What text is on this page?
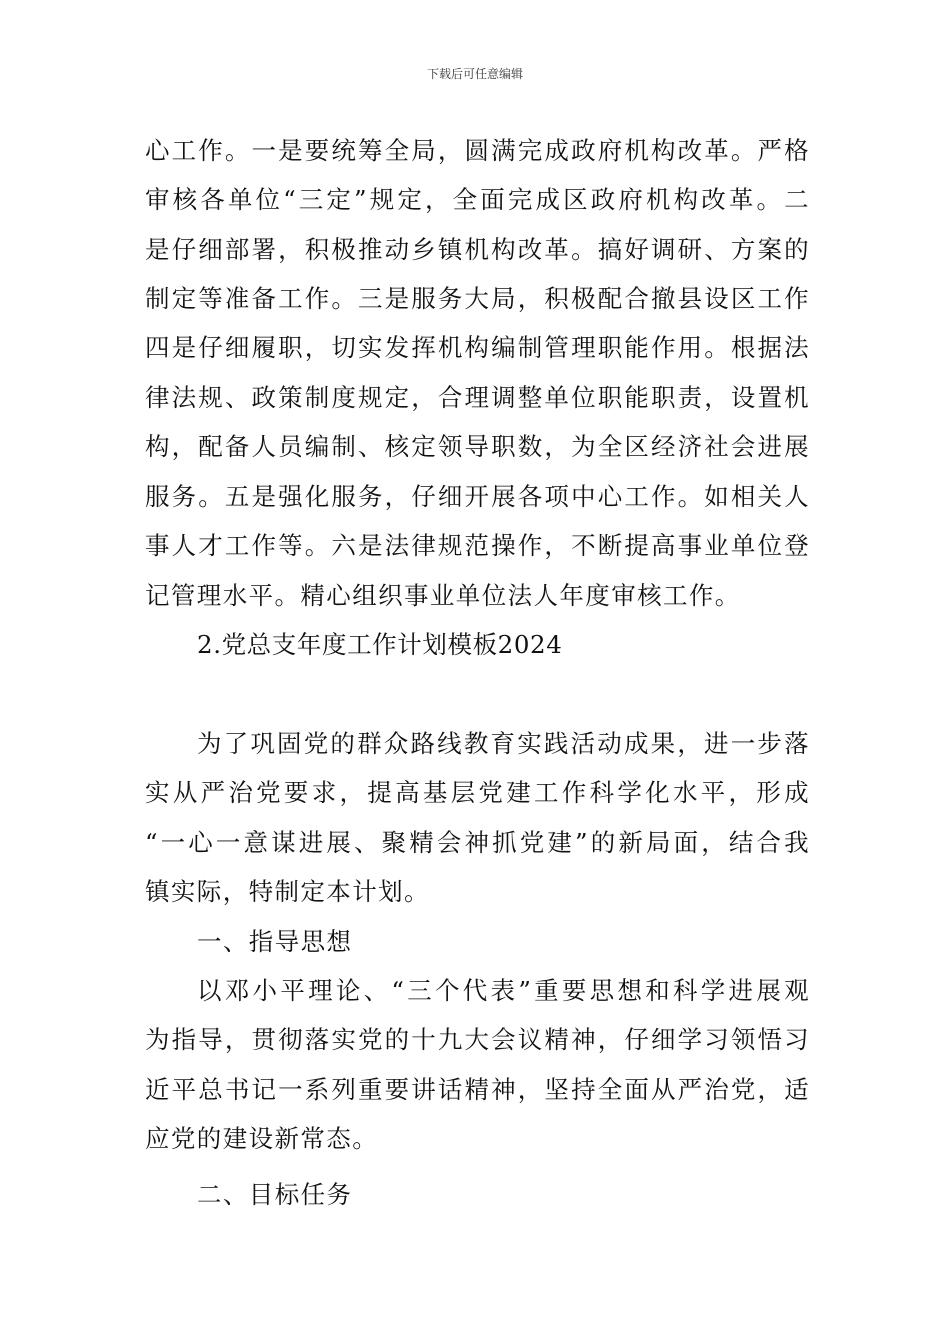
下载后可任意编辑
心工作。一是要统筹全局，圆满完成政府机构改革。严格
审核各单位“三定”规定，全面完成区政府机构改革。二
是仔细部署，积极推动乡镇机构改革。搞好调研、方案的
制定等准备工作。三是服务大局，积极配合撤县设区工作
四是仔细履职，切实发挥机构编制管理职能作用。根据法
律法规、政策制度规定，合理调整单位职能职责，设置机
构，配备人员编制、核定领导职数，为全区经济社会进展
服务。五是强化服务，仔细开展各项中心工作。如相关人
事人才工作等。六是法律规范操作，不断提高事业单位登
记管理水平。精心组织事业单位法人年度审核工作。
2.党总支年度工作计划模板2024
为了巩固党的群众路线教育实践活动成果，进一步落
实从严治党要求，提高基层党建工作科学化水平，形成
“一心一意谋进展、聚精会神抓党建”的新局面，结合我
镇实际，特制定本计划。
一、指导思想
以邓小平理论、“三个代表”重要思想和科学进展观
为指导，贯彻落实党的十九大会议精神，仔细学习领悟习
近平总书记一系列重要讲话精神，坚持全面从严治党，适
应党的建设新常态。
二、目标任务
